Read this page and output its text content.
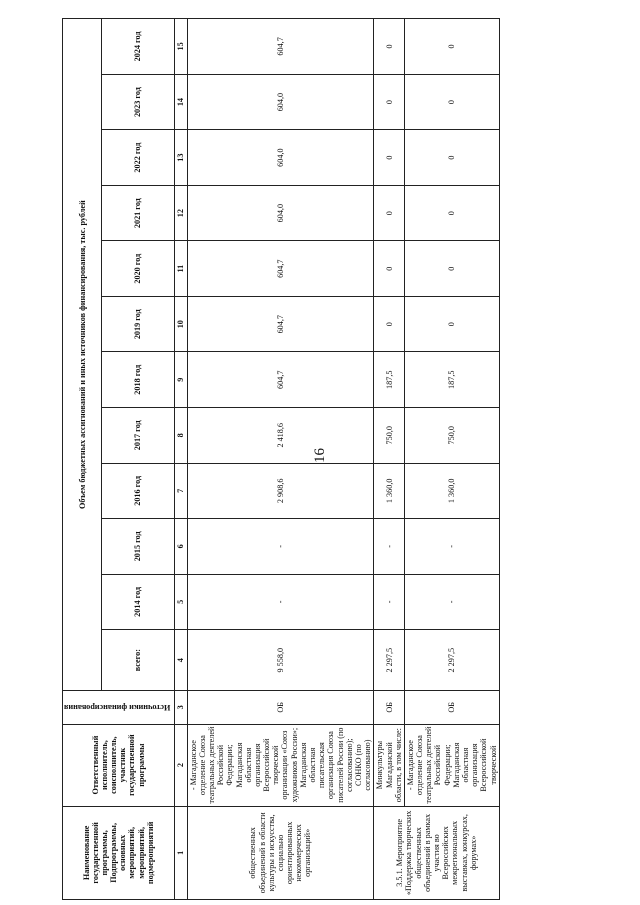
16
Наименование государственной программы, Подпрограммы, основных мероприятий, мероприятий, подмероприятий	Ответственный исполнитель, соисполнитель, участник государственной программы	Источники финансирования	Объем бюджетных ассигнований и иных источников финансирования, тыс. рублей											
			всего:	2014 год	2015 год	2016 год	2017 год	2018 год	2019 год	2020 год	2021 год	2022 год	2023 год	2024 год
1	2	3	4	5	6	7	8	9	10	11	12	13	14	15
общественных объединений в области культуры и искусства, социально ориентированных некоммерческих организаций»	- Магаданское отделение Союза театральных деятелей Российской Федерации; Магаданская областная организация Всероссийской творческой организации «Союз художников России»; Магаданская областная писательская организация Союза писателей России (по согласованию); СОНКО (по согласованию)	ОБ	9 558,0	-	-	2 908,6	2 418,6	604,7	604,7	604,7	604,0	604,0	604,0	604,7
3.5.1. Мероприятие «Поддержка творческих общественных объединений в рамках участия во Всероссийских межрегиональных выставках, конкурсах, форумах»	Минкультуры Магаданской области, в том числе:	ОБ	2 297,5	-	-	1 360,0	750,0	187,5	0	0	0	0	0	0
	- Магаданское отделение Союза театральных деятелей Российской Федерации; Магаданская областная организация Всероссийской творческой	ОБ	2 297,5	-	-	1 360,0	750,0	187,5	0	0	0	0	0	0
